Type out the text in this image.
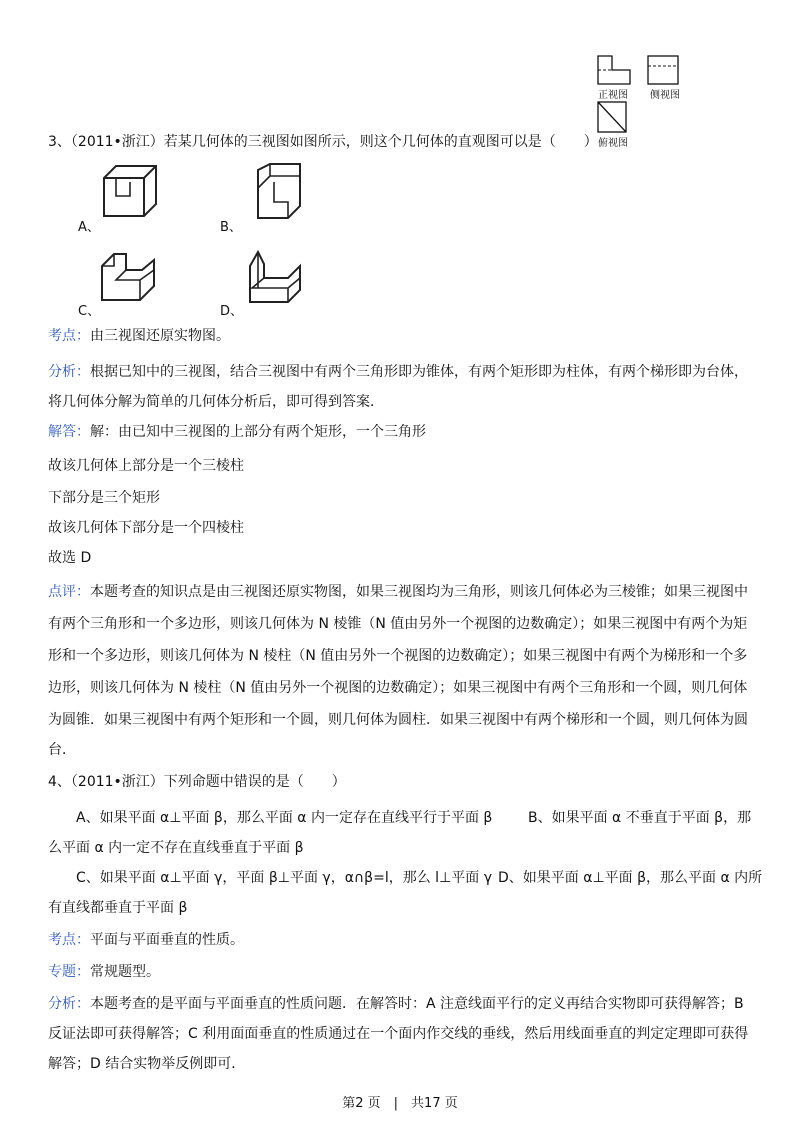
正视图 侧视图
俯视图
3、（2011•浙江）若某几何体的三视图如图所示，则这个几何体的直观图可以是（　　）
A、	B、
C、	D、
考点：由三视图还原实物图。
分析：根据已知中的三视图，结合三视图中有两个三角形即为锥体，有两个矩形即为柱体，有两个梯形即为台体，
将几何体分解为简单的几何体分析后，即可得到答案．
解答：解：由已知中三视图的上部分有两个矩形，一个三角形
故该几何体上部分是一个三棱柱
下部分是三个矩形
故该几何体下部分是一个四棱柱
故选 D
点评：本题考查的知识点是由三视图还原实物图，如果三视图均为三角形，则该几何体必为三棱锥；如果三视图中
有两个三角形和一个多边形，则该几何体为 N 棱锥（N 值由另外一个视图的边数确定）；如果三视图中有两个为矩
形和一个多边形，则该几何体为 N 棱柱（N 值由另外一个视图的边数确定）；如果三视图中有两个为梯形和一个多
边形，则该几何体为 N 棱柱（N 值由另外一个视图的边数确定）；如果三视图中有两个三角形和一个圆，则几何体
为圆锥．如果三视图中有两个矩形和一个圆，则几何体为圆柱．如果三视图中有两个梯形和一个圆，则几何体为圆
台．
4、（2011•浙江）下列命题中错误的是（　　）
A、如果平面 α⊥平面 β，那么平面 α 内一定存在直线平行于平面 β	B、如果平面 α 不垂直于平面 β，那
么平面 α 内一定不存在直线垂直于平面 β
C、如果平面 α⊥平面 γ，平面 β⊥平面 γ，α∩β=l，那么 l⊥平面 γ D、如果平面 α⊥平面 β，那么平面 α 内所
有直线都垂直于平面 β
考点：平面与平面垂直的性质。
专题：常规题型。
分析：本题考查的是平面与平面垂直的性质问题．在解答时：A 注意线面平行的定义再结合实物即可获得解答；B
反证法即可获得解答；C 利用面面垂直的性质通过在一个面内作交线的垂线，然后用线面垂直的判定定理即可获得
解答；D 结合实物举反例即可．
第2 页　|　共17 页
